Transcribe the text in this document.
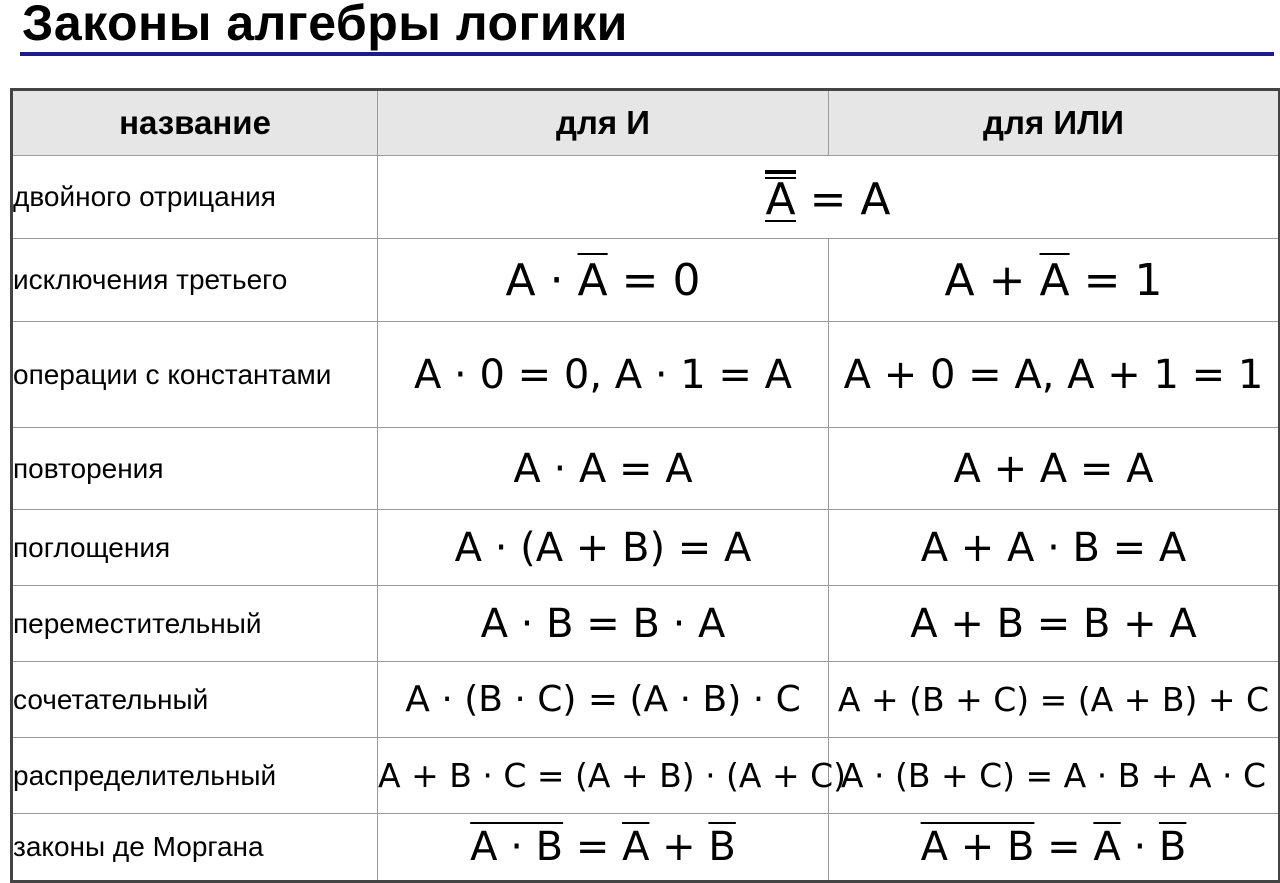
Законы алгебры логики
название	для И	для ИЛИ
двойного отрицания	A = A	
исключения третьего	$A \cdot \overline{A} = 0$	$A + \overline{A} = 1$
операции с константами	A · 0 = 0, A · 1 = A	A + 0 = A, A + 1 = 1
повторения	A · A = A	A + A = A
поглощения	A · (A + B) = A	A + A · B = A
переместительный	A · B = B · A	A + B = B + A
сочетательный	A · (B · C) = (A · B) · C	A + (B + C) = (A + B) + C
распределительный	A + B · C = (A + B) · (A + C)	A · (B + C) = A · B + A · C
законы де Моргана	$A \cdot B = \overline{A} + \overline{B}$	$A + B = \overline{A} \cdot \overline{B}$
